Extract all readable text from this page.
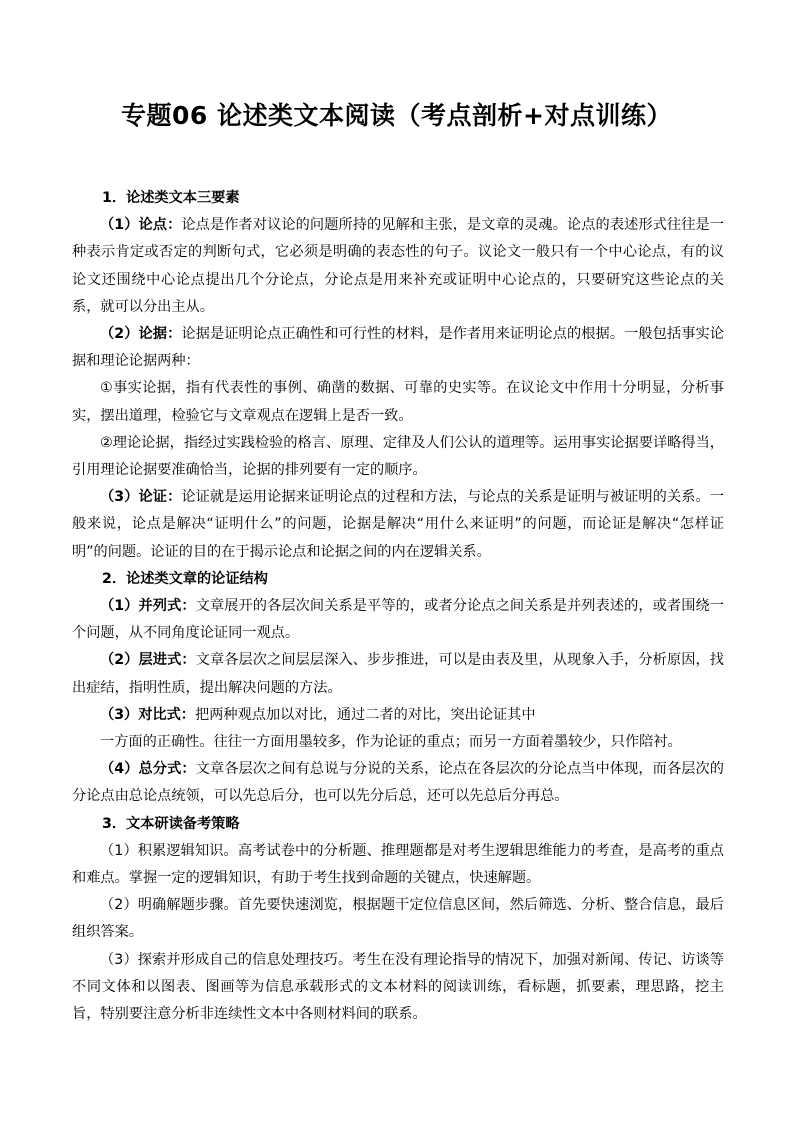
专题06 论述类文本阅读（考点剖析+对点训练）

1．论述类文本三要素

（1）论点：论点是作者对议论的问题所持的见解和主张，是文章的灵魂。论点的表述形式往往是一种表示肯定或否定的判断句式，它必须是明确的表态性的句子。议论文一般只有一个中心论点，有的议论文还围绕中心论点提出几个分论点，分论点是用来补充或证明中心论点的，只要研究这些论点的关系，就可以分出主从。

（2）论据：论据是证明论点正确性和可行性的材料，是作者用来证明论点的根据。一般包括事实论据和理论论据两种：

①事实论据，指有代表性的事例、确凿的数据、可靠的史实等。在议论文中作用十分明显，分析事实，摆出道理，检验它与文章观点在逻辑上是否一致。

②理论论据，指经过实践检验的格言、原理、定律及人们公认的道理等。运用事实论据要详略得当，引用理论论据要准确恰当，论据的排列要有一定的顺序。

（3）论证：论证就是运用论据来证明论点的过程和方法，与论点的关系是证明与被证明的关系。一般来说，论点是解决“证明什么”的问题，论据是解决“用什么来证明”的问题，而论证是解决“怎样证明”的问题。论证的目的在于揭示论点和论据之间的内在逻辑关系。

2．论述类文章的论证结构

（1）并列式：文章展开的各层次间关系是平等的，或者分论点之间关系是并列表述的，或者围绕一个问题，从不同角度论证同一观点。

（2）层进式：文章各层次之间层层深入、步步推进，可以是由表及里，从现象入手，分析原因，找出症结，指明性质，提出解决问题的方法。

（3）对比式：把两种观点加以对比，通过二者的对比，突出论证其中

一方面的正确性。往往一方面用墨较多，作为论证的重点；而另一方面着墨较少，只作陪衬。

（4）总分式：文章各层次之间有总说与分说的关系，论点在各层次的分论点当中体现，而各层次的分论点由总论点统领，可以先总后分，也可以先分后总，还可以先总后分再总。

3．文本研读备考策略

（1）积累逻辑知识。高考试卷中的分析题、推理题都是对考生逻辑思维能力的考查，是高考的重点和难点。掌握一定的逻辑知识，有助于考生找到命题的关键点，快速解题。

（2）明确解题步骤。首先要快速浏览，根据题干定位信息区间，然后筛选、分析、整合信息，最后组织答案。

（3）探索并形成自己的信息处理技巧。考生在没有理论指导的情况下，加强对新闻、传记、访谈等不同文体和以图表、图画等为信息承载形式的文本材料的阅读训练，看标题，抓要素，理思路，挖主旨，特别要注意分析非连续性文本中各则材料间的联系。
